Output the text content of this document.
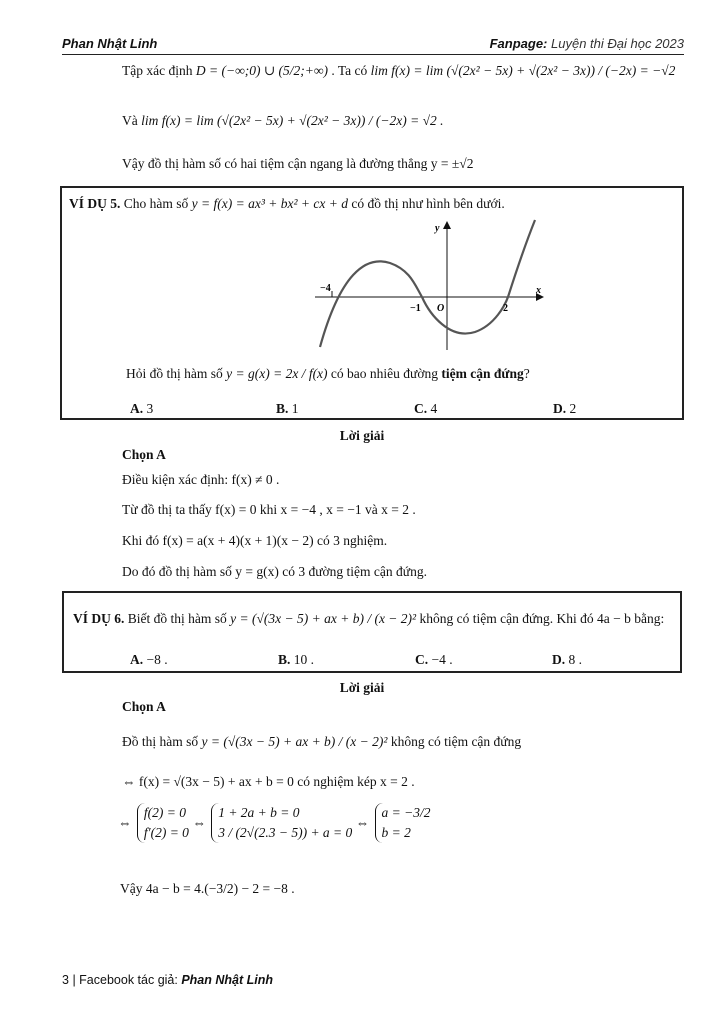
Phan Nhật Linh	Fanpage: Luyện thi Đại học 2023
Tập xác định D = (−∞;0) ∪ (5/2;+∞) . Ta có lim f(x) = lim (√(2x² − 5x) + √(2x² − 3x)) / (−2x) = −√2
Và lim f(x) = lim (√(2x² − 5x) + √(2x² − 3x)) / (−2x) = √2 .
Vậy đồ thị hàm số có hai tiệm cận ngang là đường thẳng y = ±√2
VÍ DỤ 5. Cho hàm số y = f(x) = ax³ + bx² + cx + d có đồ thị như hình bên dưới.
x
y
−4
−1 O	2
Hỏi đồ thị hàm số y = g(x) = 2x / f(x) có bao nhiêu đường tiệm cận đứng?
A. 3	B. 1	C. 4	D. 2
Lời giải
Chọn A
Điều kiện xác định: f(x) ≠ 0 .
Từ đồ thị ta thấy f(x) = 0 khi x = −4 , x = −1 và x = 2 .
Khi đó f(x) = a(x + 4)(x + 1)(x − 2) có 3 nghiệm.
Do đó đồ thị hàm số y = g(x) có 3 đường tiệm cận đứng.
VÍ DỤ 6. Biết đồ thị hàm số y = (√(3x − 5) + ax + b) / (x − 2)² không có tiệm cận đứng. Khi đó 4a − b bằng:
A. −8 .	B. 10 .	C. −4 .	D. 8 .
Lời giải
Chọn A
Đồ thị hàm số y = (√(3x − 5) + ax + b) / (x − 2)² không có tiệm cận đứng
⇔ f(x) = √(3x − 5) + ax + b = 0 có nghiệm kép x = 2 .
⇔
f(2) = 0
f′(2) = 0
⇔
1 + 2a + b = 0
3 / (2√(2.3 − 5)) + a = 0
⇔
a = −3/2
b = 2
Vậy 4a − b = 4.(−3/2) − 2 = −8 .
3 | Facebook tác giả: Phan Nhật Linh
